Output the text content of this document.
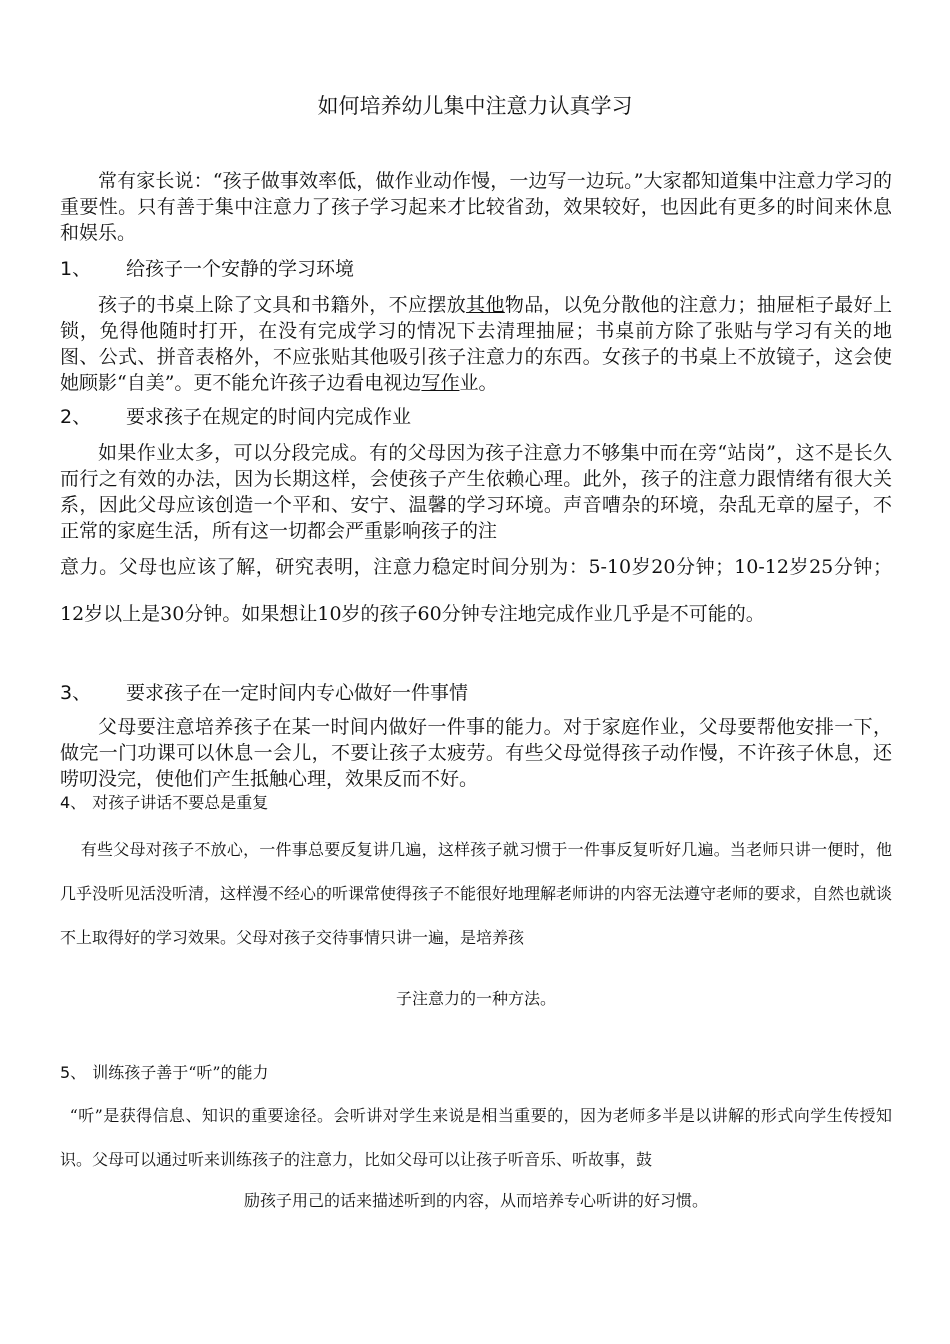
如何培养幼儿集中注意力认真学习

常有家长说：“孩子做事效率低，做作业动作慢，一边写一边玩。”大家都知道集中注意力学习的重要性。只有善于集中注意力了孩子学习起来才比较省劲，效果较好，也因此有更多的时间来休息和娱乐。

1、 给孩子一个安静的学习环境

孩子的书桌上除了文具和书籍外，不应摆放其他物品，以免分散他的注意力；抽屉柜子最好上锁，免得他随时打开，在没有完成学习的情况下去清理抽屉；书桌前方除了张贴与学习有关的地图、公式、拼音表格外，不应张贴其他吸引孩子注意力的东西。女孩子的书桌上不放镜子，这会使她顾影“自美”。更不能允许孩子边看电视边写作业。

2、 要求孩子在规定的时间内完成作业

如果作业太多，可以分段完成。有的父母因为孩子注意力不够集中而在旁“站岗”，这不是长久而行之有效的办法，因为长期这样，会使孩子产生依赖心理。此外，孩子的注意力跟情绪有很大关系，因此父母应该创造一个平和、安宁、温馨的学习环境。声音嘈杂的环境，杂乱无章的屋子，不正常的家庭生活，所有这一切都会严重影响孩子的注

意力。父母也应该了解，研究表明，注意力稳定时间分别为：5-10岁20分钟；10-12岁25分钟；12岁以上是30分钟。如果想让10岁的孩子60分钟专注地完成作业几乎是不可能的。

3、 要求孩子在一定时间内专心做好一件事情

父母要注意培养孩子在某一时间内做好一件事的能力。对于家庭作业，父母要帮他安排一下，做完一门功课可以休息一会儿，不要让孩子太疲劳。有些父母觉得孩子动作慢，不许孩子休息，还唠叨没完，使他们产生抵触心理，效果反而不好。

4、 对孩子讲话不要总是重复

有些父母对孩子不放心，一件事总要反复讲几遍，这样孩子就习惯于一件事反复听好几遍。当老师只讲一便时，他几乎没听见活没听清，这样漫不经心的听课常使得孩子不能很好地理解老师讲的内容无法遵守老师的要求，自然也就谈不上取得好的学习效果。父母对孩子交待事情只讲一遍，是培养孩

子注意力的一种方法。

5、 训练孩子善于“听”的能力

“听”是获得信息、知识的重要途径。会听讲对学生来说是相当重要的，因为老师多半是以讲解的形式向学生传授知识。父母可以通过听来训练孩子的注意力，比如父母可以让孩子听音乐、听故事，鼓

励孩子用己的话来描述听到的内容，从而培养专心听讲的好习惯。
